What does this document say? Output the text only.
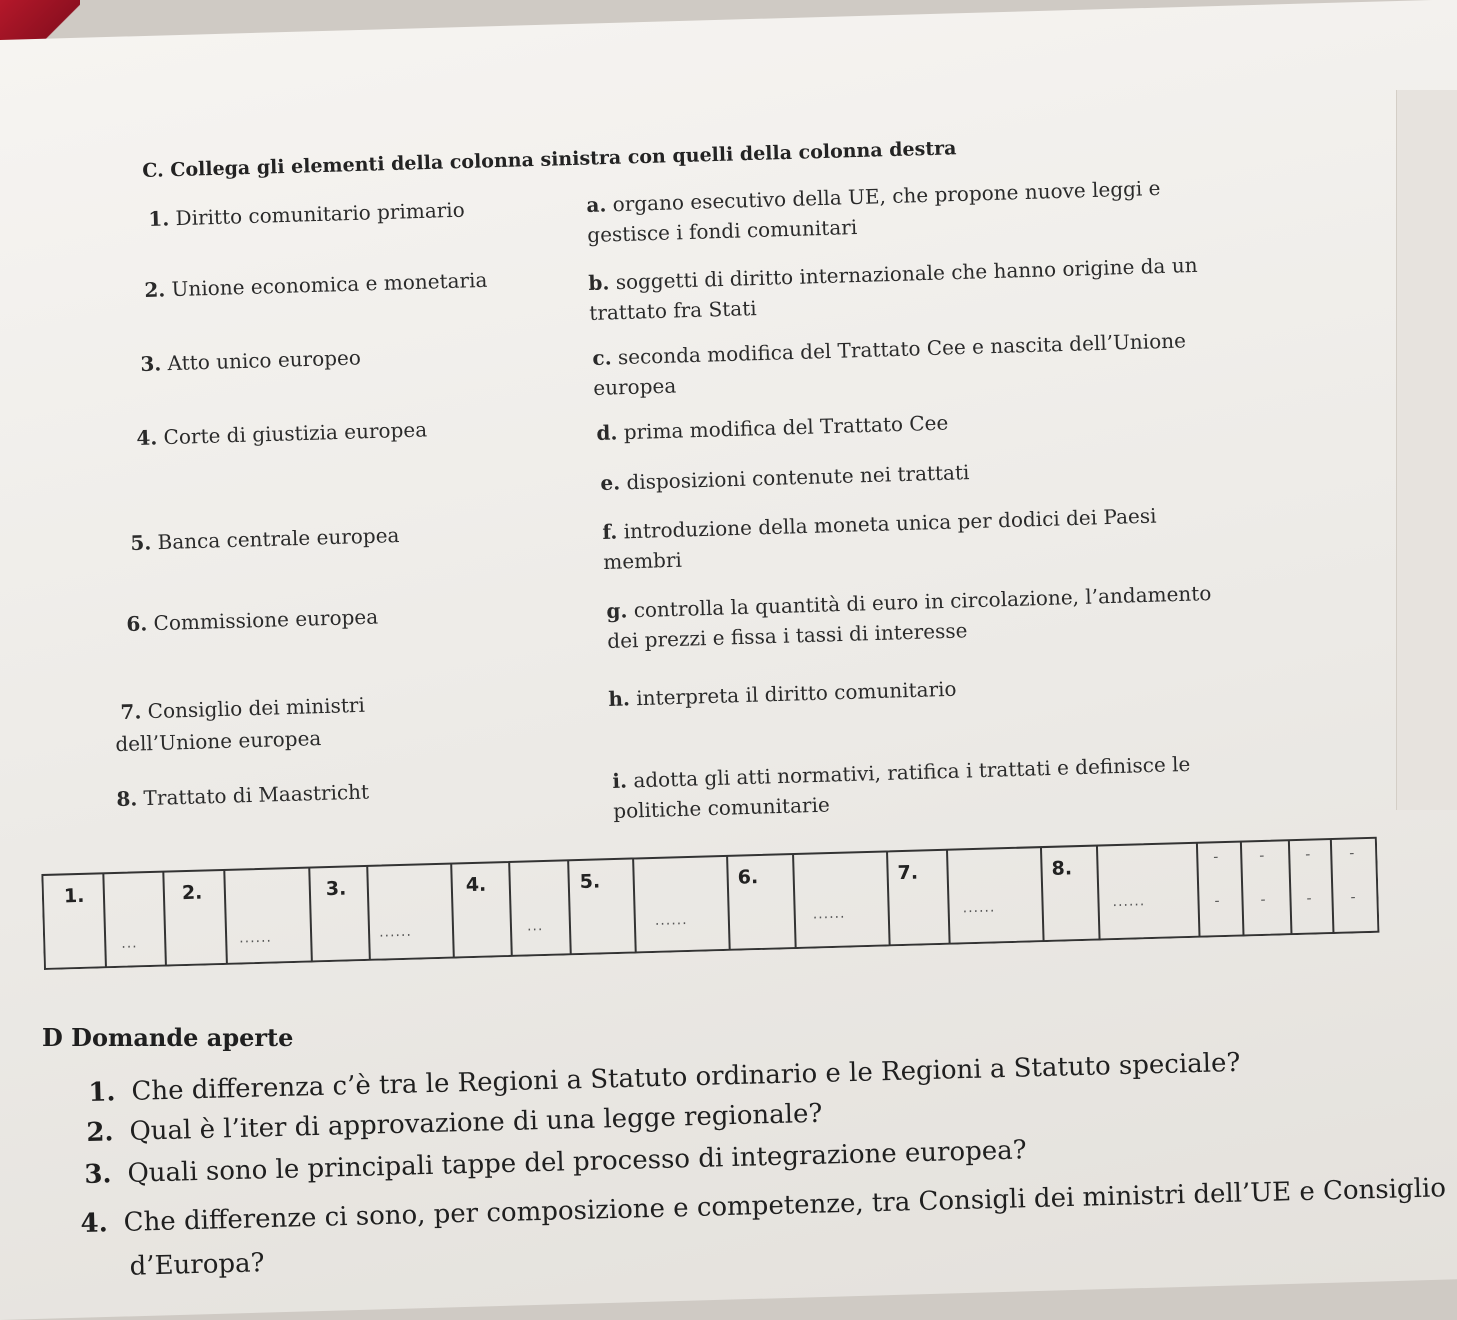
C. Collega gli elementi della colonna sinistra con quelli della colonna destra
1. Diritto comunitario primario
2. Unione economica e monetaria
3. Atto unico europeo
4. Corte di giustizia europea
5. Banca centrale europea
6. Commissione europea
7. Consiglio dei ministri
dell’Unione europea
8. Trattato di Maastricht
a. organo esecutivo della UE, che propone nuove leggi e
gestisce i fondi comunitari
b. soggetti di diritto internazionale che hanno origine da un
trattato fra Stati
c. seconda modifica del Trattato Cee e nascita dell’Unione
europea
d. prima modifica del Trattato Cee
e. disposizioni contenute nei trattati
f. introduzione della moneta unica per dodici dei Paesi
membri
g. controlla la quantità di euro in circolazione, l’andamento
dei prezzi e fissa i tassi di interesse
h. interpreta il diritto comunitario
i. adotta gli atti normativi, ratifica i trattati e definisce le
politiche comunitarie
1.	2.	3.	4.	5.	6.	7.	8.
...	......	......	...	......	......	......	......
-	-	-	-
-	-	-	-
D Domande aperte
1. Che differenza c’è tra le Regioni a Statuto ordinario e le Regioni a Statuto speciale?
2. Qual è l’iter di approvazione di una legge regionale?
3. Quali sono le principali tappe del processo di integrazione europea?
4. Che differenze ci sono, per composizione e competenze, tra Consigli dei ministri dell’UE e Consiglio
d’Europa?
